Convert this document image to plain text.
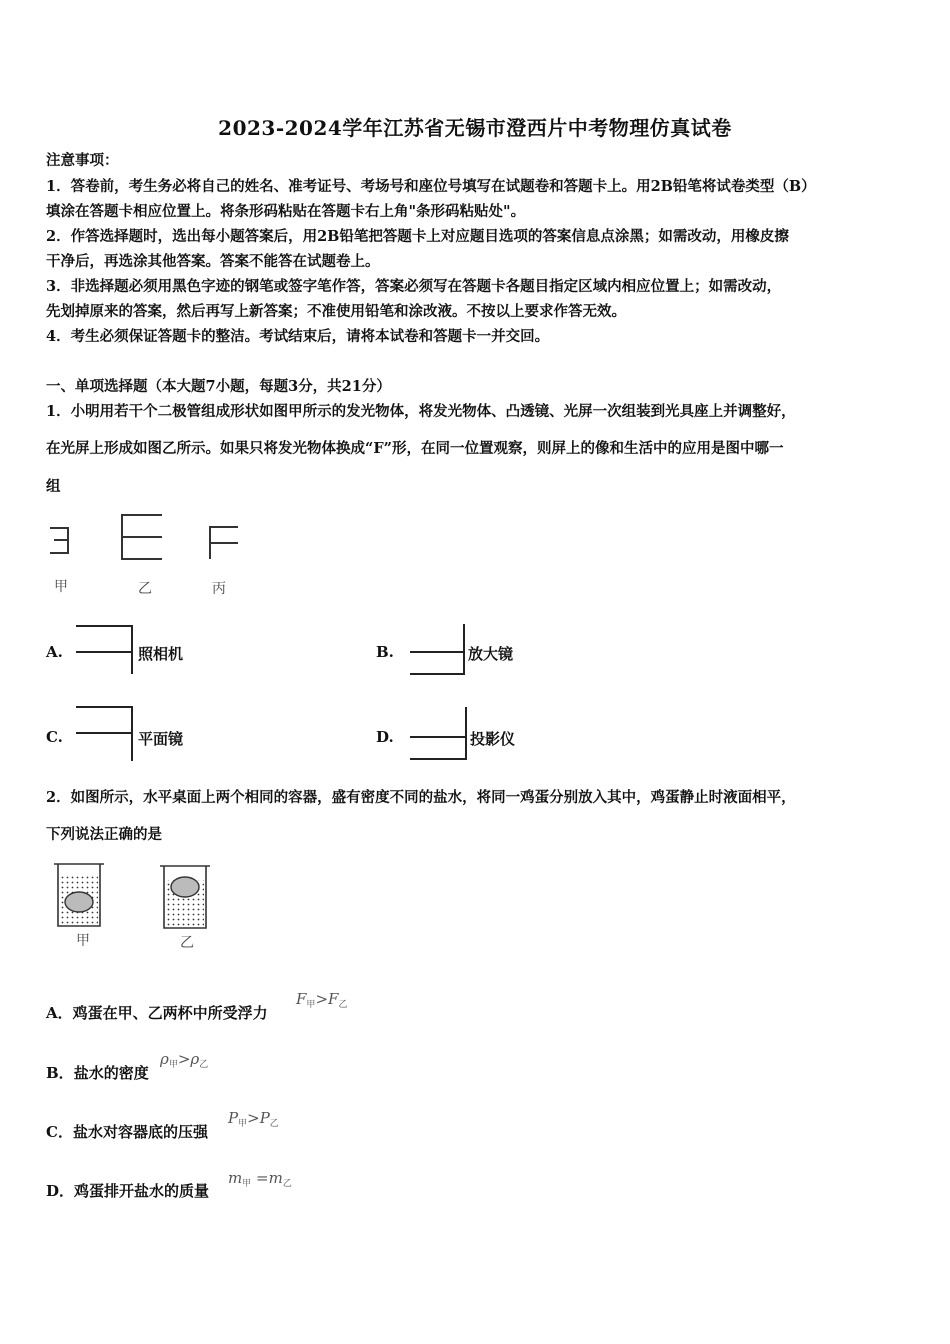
2023-2024学年江苏省无锡市澄西片中考物理仿真试卷
注意事项：
1．答卷前，考生务必将自己的姓名、准考证号、考场号和座位号填写在试题卷和答题卡上。用2B铅笔将试卷类型（B）
填涂在答题卡相应位置上。将条形码粘贴在答题卡右上角"条形码粘贴处"。
2．作答选择题时，选出每小题答案后，用2B铅笔把答题卡上对应题目选项的答案信息点涂黑；如需改动，用橡皮擦
干净后，再选涂其他答案。答案不能答在试题卷上。
3．非选择题必须用黑色字迹的钢笔或签字笔作答，答案必须写在答题卡各题目指定区域内相应位置上；如需改动，
先划掉原来的答案，然后再写上新答案；不准使用铅笔和涂改液。不按以上要求作答无效。
4．考生必须保证答题卡的整洁。考试结束后，请将本试卷和答题卡一并交回。
一、单项选择题（本大题7小题，每题3分，共21分）
1．小明用若干个二极管组成形状如图甲所示的发光物体，将发光物体、凸透镜、光屏一次组装到光具座上并调整好，
在光屏上形成如图乙所示。如果只将发光物体换成“F”形，在同一位置观察，则屏上的像和生活中的应用是图中哪一
组
甲	乙	丙
A.	照相机	B.	放大镜
C.	平面镜	D.	投影仪
2．如图所示，水平桌面上两个相同的容器，盛有密度不同的盐水，将同一鸡蛋分别放入其中，鸡蛋静止时液面相平，
下列说法正确的是
甲	乙
A．鸡蛋在甲、乙两杯中所受浮力
$F_甲>F_乙$
B．盐水的密度
$\rho_甲>\rho_乙$
C．盐水对容器底的压强
$P_甲>P_乙$
D．鸡蛋排开盐水的质量
$m_甲 =m_乙$
